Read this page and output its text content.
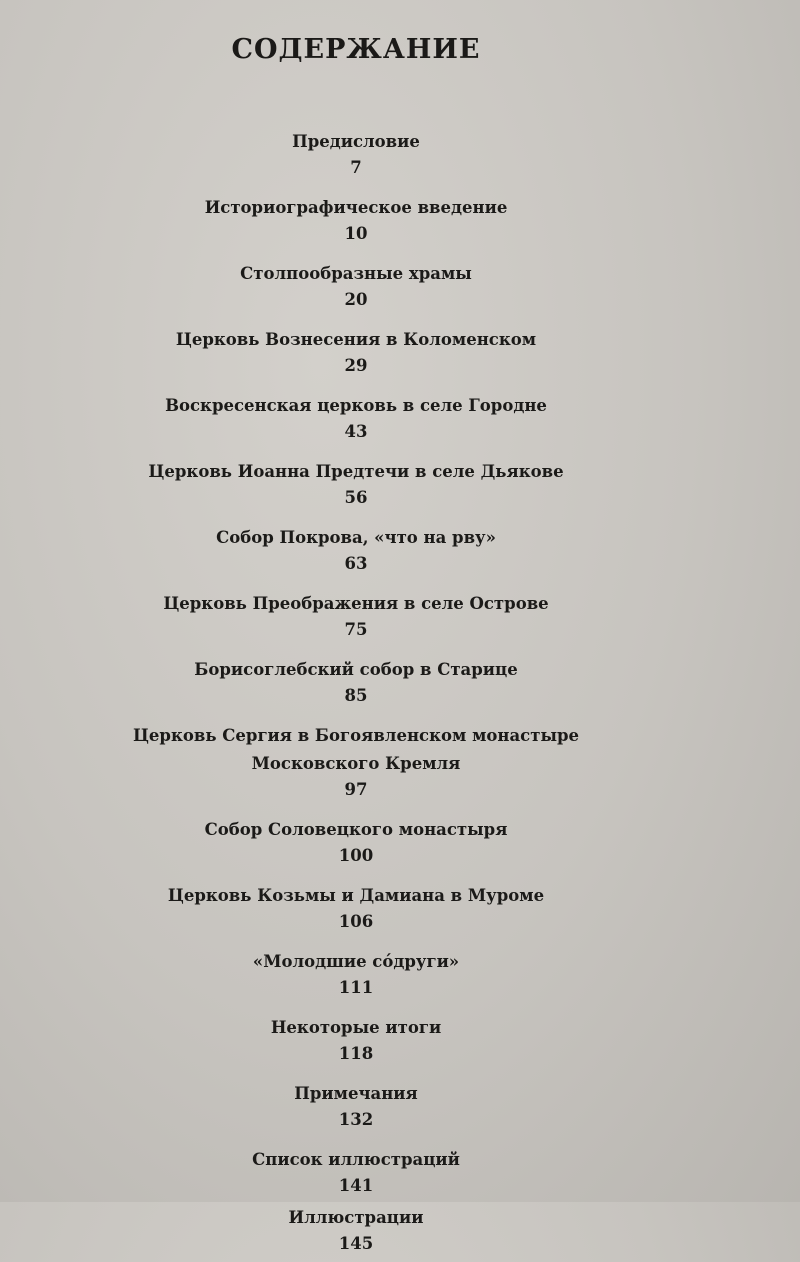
СОДЕРЖАНИЕ
Предисловие
7
Историографическое введение
10
Столпообразные храмы
20
Церковь Вознесения в Коломенском
29
Воскресенская церковь в селе Городне
43
Церковь Иоанна Предтечи в селе Дьякове
56
Собор Покрова, «что на рву»
63
Церковь Преображения в селе Острове
75
Борисоглебский собор в Старице
85
Церковь Сергия в Богоявленском монастыре
Московского Кремля
97
Собор Соловецкого монастыря
100
Церковь Козьмы и Дамиана в Муроме
106
«Молодшие сóдруги»
111
Некоторые итоги
118
Примечания
132
Список иллюстраций
141
Иллюстрации
145
